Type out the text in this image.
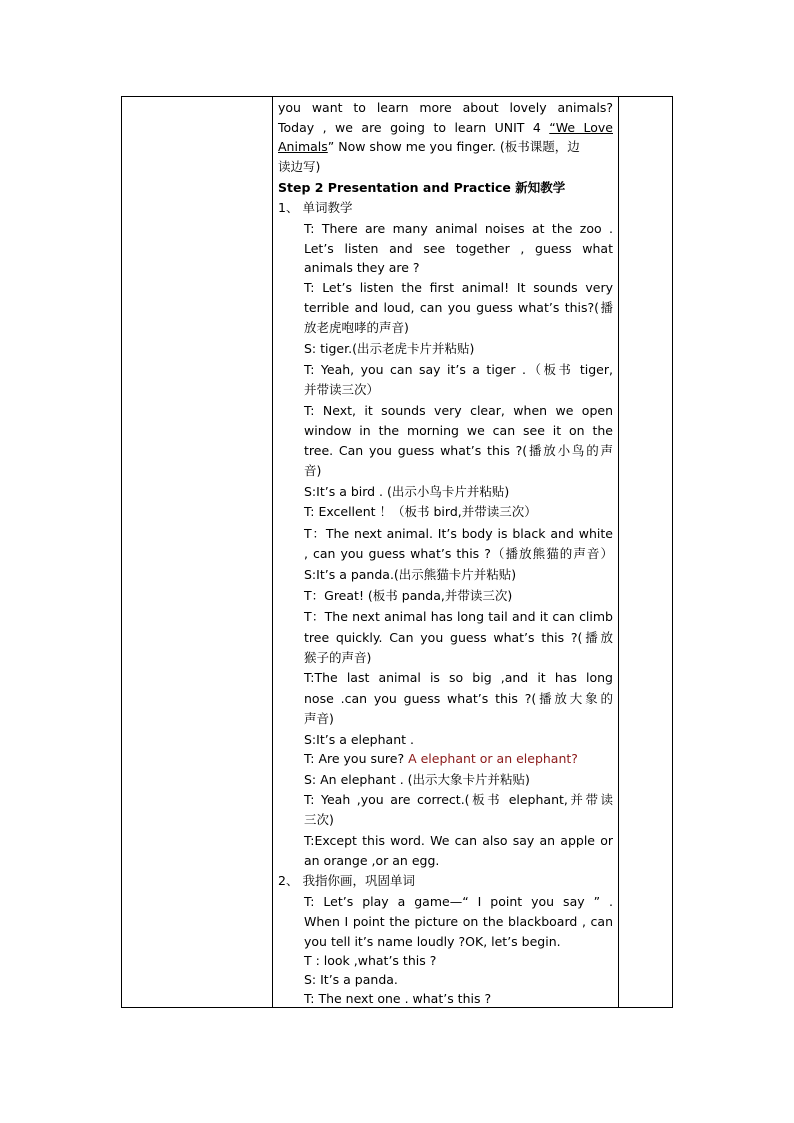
you want to learn more about lovely animals?
Today , we are going to learn UNIT 4 “We Love
Animals” Now show me you finger. (板书课题，边
读边写)
Step 2 Presentation and Practice 新知教学
1、 单词教学
T: There are many animal noises at the zoo .
Let’s listen and see together , guess what
animals they are ?
T: Let’s listen the first animal! It sounds very
terrible and loud, can you guess what’s this?(播
放老虎咆哮的声音)
S: tiger.(出示老虎卡片并粘贴)
T: Yeah, you can say it’s a tiger .（板书 tiger,
并带读三次）
T: Next, it sounds very clear, when we open
window in the morning we can see it on the
tree. Can you guess what’s this ?(播放小鸟的声
音)
S:It’s a bird . (出示小鸟卡片并粘贴)
T: Excellent ！（板书 bird,并带读三次）
T：The next animal. It’s body is black and white
, can you guess what’s this ?（播放熊猫的声音）
S:It’s a panda.(出示熊猫卡片并粘贴)
T：Great! (板书 panda,并带读三次)
T：The next animal has long tail and it can climb
tree quickly. Can you guess what’s this ?(播放
猴子的声音)
T:The last animal is so big ,and it has long
nose .can you guess what’s this ?(播放大象的
声音)
S:It’s a elephant .
T: Are you sure? A elephant or an elephant?
S: An elephant . (出示大象卡片并粘贴)
T: Yeah ,you are correct.(板书 elephant,并带读
三次)
T:Except this word. We can also say an apple or
an orange ,or an egg.
2、 我指你画，巩固单词
T: Let’s play a game—“ I point you say ” .
When I point the picture on the blackboard , can
you tell it’s name loudly ?OK, let’s begin.
T : look ,what’s this ?
S: It’s a panda.
T: The next one . what’s this ?
